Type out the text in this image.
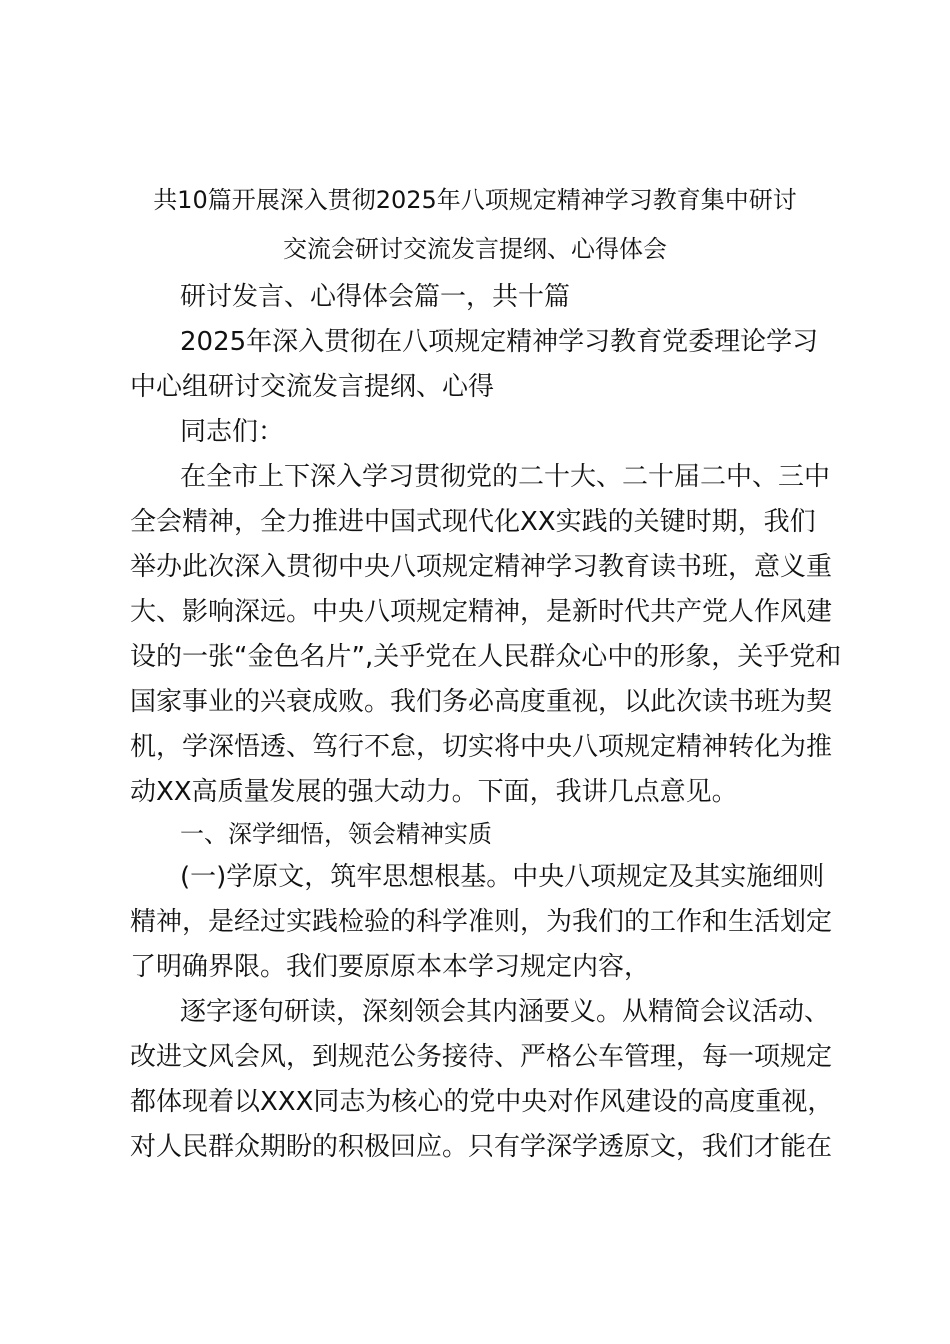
共10篇开展深入贯彻2025年八项规定精神学习教育集中研讨
交流会研讨交流发言提纲、心得体会
研讨发言、心得体会篇一，共十篇
2025年深入贯彻在八项规定精神学习教育党委理论学习
中心组研讨交流发言提纲、心得
同志们：
在全市上下深入学习贯彻党的二十大、二十届二中、三中
全会精神，全力推进中国式现代化XX实践的关键时期，我们
举办此次深入贯彻中央八项规定精神学习教育读书班，意义重
大、影响深远。中央八项规定精神，是新时代共产党人作风建
设的一张“金色名片”,关乎党在人民群众心中的形象，关乎党和
国家事业的兴衰成败。我们务必高度重视，以此次读书班为契
机，学深悟透、笃行不怠，切实将中央八项规定精神转化为推
动XX高质量发展的强大动力。下面，我讲几点意见。
一、深学细悟，领会精神实质
(一)学原文，筑牢思想根基。中央八项规定及其实施细则
精神，是经过实践检验的科学准则，为我们的工作和生活划定
了明确界限。我们要原原本本学习规定内容，
逐字逐句研读，深刻领会其内涵要义。从精简会议活动、
改进文风会风，到规范公务接待、严格公车管理，每一项规定
都体现着以XXX同志为核心的党中央对作风建设的高度重视，
对人民群众期盼的积极回应。只有学深学透原文，我们才能在
